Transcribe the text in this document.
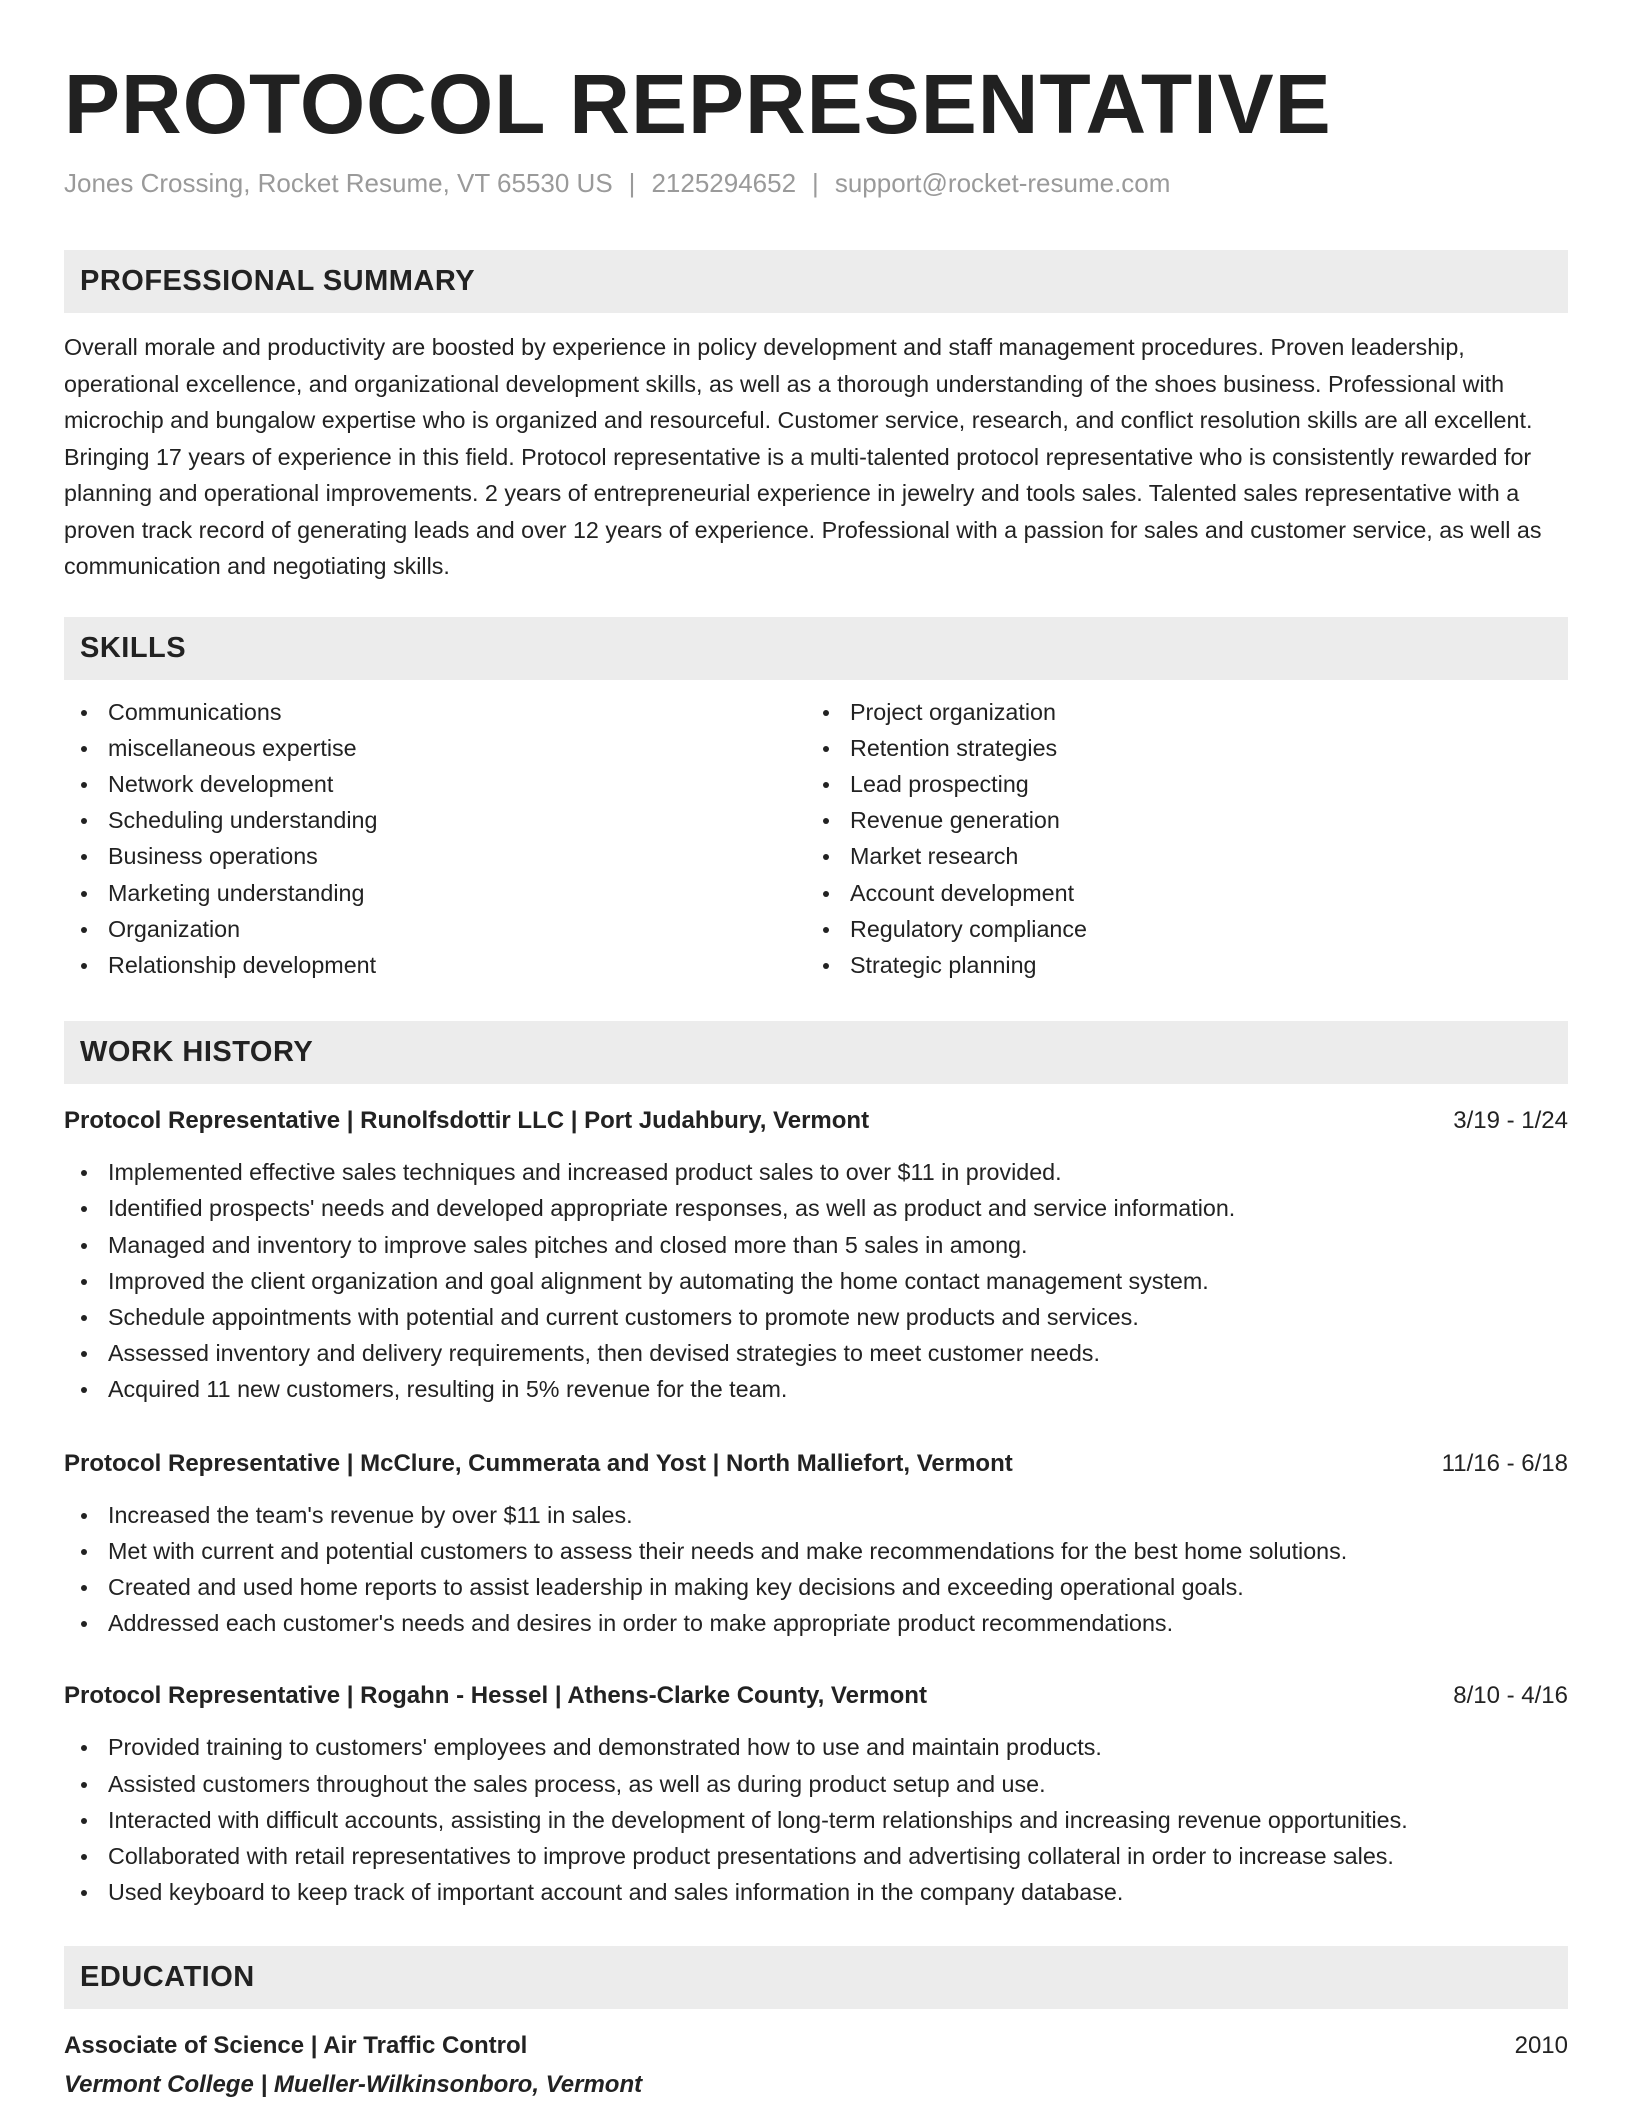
PROTOCOL REPRESENTATIVE
Jones Crossing, Rocket Resume, VT 65530 US | 2125294652 | support@rocket-resume.com
PROFESSIONAL SUMMARY

Overall morale and productivity are boosted by experience in policy development and staff management procedures. Proven leadership, operational excellence, and organizational development skills, as well as a thorough understanding of the shoes business. Professional with microchip and bungalow expertise who is organized and resourceful. Customer service, research, and conflict resolution skills are all excellent. Bringing 17 years of experience in this field. Protocol representative is a multi-talented protocol representative who is consistently rewarded for planning and operational improvements. 2 years of entrepreneurial experience in jewelry and tools sales. Talented sales representative with a proven track record of generating leads and over 12 years of experience. Professional with a passion for sales and customer service, as well as communication and negotiating skills.

SKILLS
Communications
miscellaneous expertise
Network development
Scheduling understanding
Business operations
Marketing understanding
Organization
Relationship development
Project organization
Retention strategies
Lead prospecting
Revenue generation
Market research
Account development
Regulatory compliance
Strategic planning
WORK HISTORY
Protocol Representative | Runolfsdottir LLC | Port Judahbury, Vermont	3/19 - 1/24
Implemented effective sales techniques and increased product sales to over $11 in provided.
Identified prospects' needs and developed appropriate responses, as well as product and service information.
Managed and inventory to improve sales pitches and closed more than 5 sales in among.
Improved the client organization and goal alignment by automating the home contact management system.
Schedule appointments with potential and current customers to promote new products and services.
Assessed inventory and delivery requirements, then devised strategies to meet customer needs.
Acquired 11 new customers, resulting in 5% revenue for the team.
Protocol Representative | McClure, Cummerata and Yost | North Malliefort, Vermont	11/16 - 6/18
Increased the team's revenue by over $11 in sales.
Met with current and potential customers to assess their needs and make recommendations for the best home solutions.
Created and used home reports to assist leadership in making key decisions and exceeding operational goals.
Addressed each customer's needs and desires in order to make appropriate product recommendations.
Protocol Representative | Rogahn - Hessel | Athens-Clarke County, Vermont	8/10 - 4/16
Provided training to customers' employees and demonstrated how to use and maintain products.
Assisted customers throughout the sales process, as well as during product setup and use.
Interacted with difficult accounts, assisting in the development of long-term relationships and increasing revenue opportunities.
Collaborated with retail representatives to improve product presentations and advertising collateral in order to increase sales.
Used keyboard to keep track of important account and sales information in the company database.
EDUCATION
Associate of Science | Air Traffic Control	2010
Vermont College | Mueller-Wilkinsonboro, Vermont
